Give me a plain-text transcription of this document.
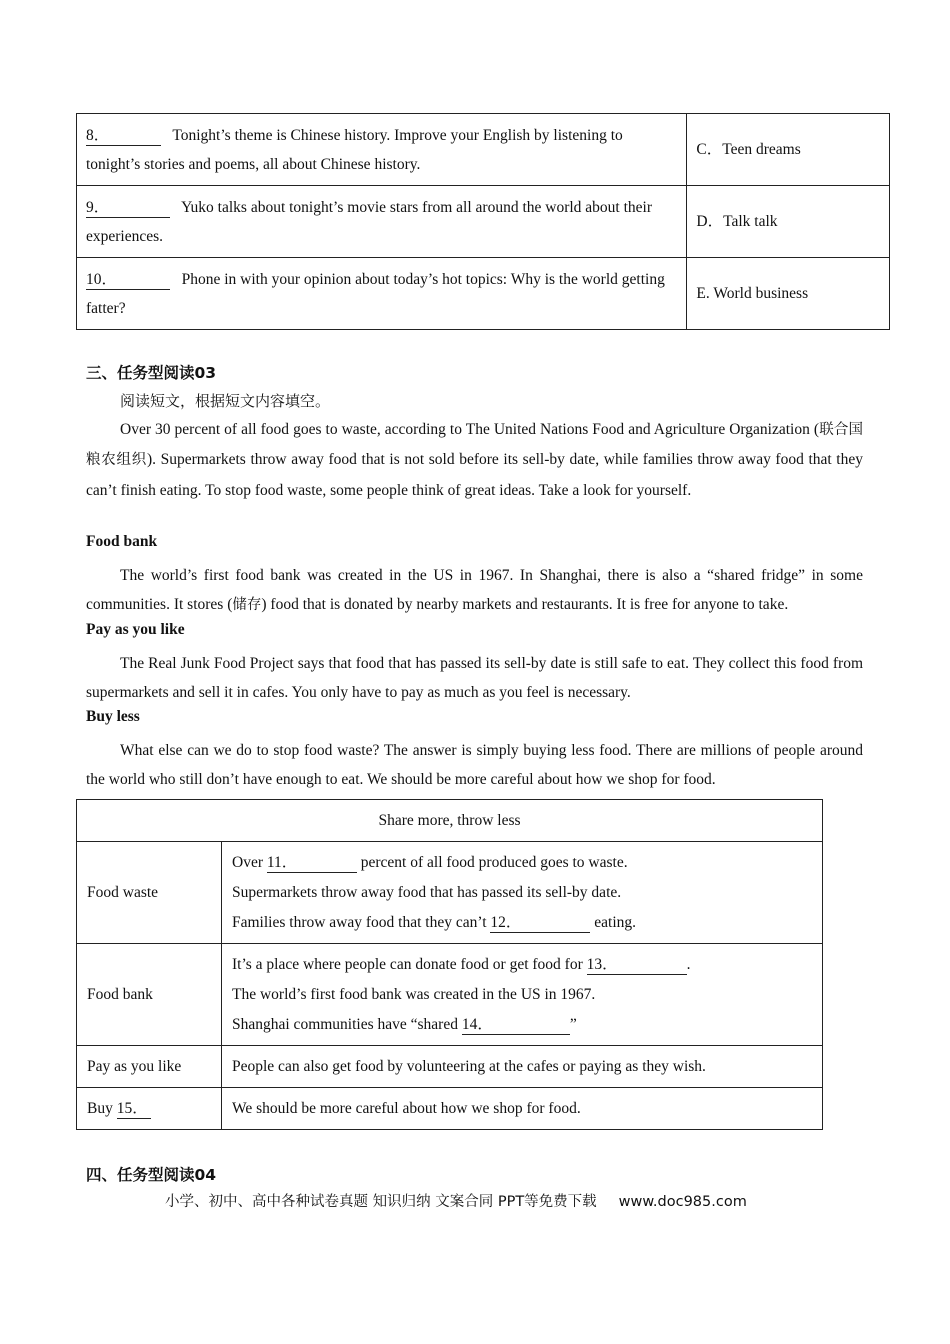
8． Tonight’s theme is Chinese history. Improve your English by listening to tonight’s stories and poems, all about Chinese history.	C．Teen dreams
9． Yuko talks about tonight’s movie stars from all around the world about their experiences.	D．Talk talk
10． Phone in with your opinion about today’s hot topics: Why is the world getting fatter?	E. World business
三、任务型阅读03
阅读短文，根据短文内容填空。
Over 30 percent of all food goes to waste, according to The United Nations Food and Agriculture Organization (联合国粮农组织). Supermarkets throw away food that is not sold before its sell-by date, while families throw away food that they can’t finish eating. To stop food waste, some people think of great ideas. Take a look for yourself.
Food bank
The world’s first food bank was created in the US in 1967. In Shanghai, there is also a “shared fridge” in some communities. It stores (储存) food that is donated by nearby markets and restaurants. It is free for anyone to take.
Pay as you like
The Real Junk Food Project says that food that has passed its sell-by date is still safe to eat. They collect this food from supermarkets and sell it in cafes. You only have to pay as much as you feel is necessary.
Buy less
What else can we do to stop food waste? The answer is simply buying less food. There are millions of people around the world who still don’t have enough to eat. We should be more careful about how we shop for food.
Share more, throw less	
Food waste	Over 11． percent of all food produced goes to waste.
Supermarkets throw away food that has passed its sell-by date.
Families throw away food that they can’t 12． eating.

Food bank	It’s a place where people can donate food or get food for 13． .
The world’s first food bank was created in the US in 1967.
Shanghai communities have “shared 14． ”

Pay as you like	People can also get food by volunteering at the cafes or paying as they wish.
Buy 15．	We should be more careful about how we shop for food.
四、任务型阅读04
小学、初中、高中各种试卷真题 知识归纳 文案合同 PPT等免费下载 www.doc985.com
